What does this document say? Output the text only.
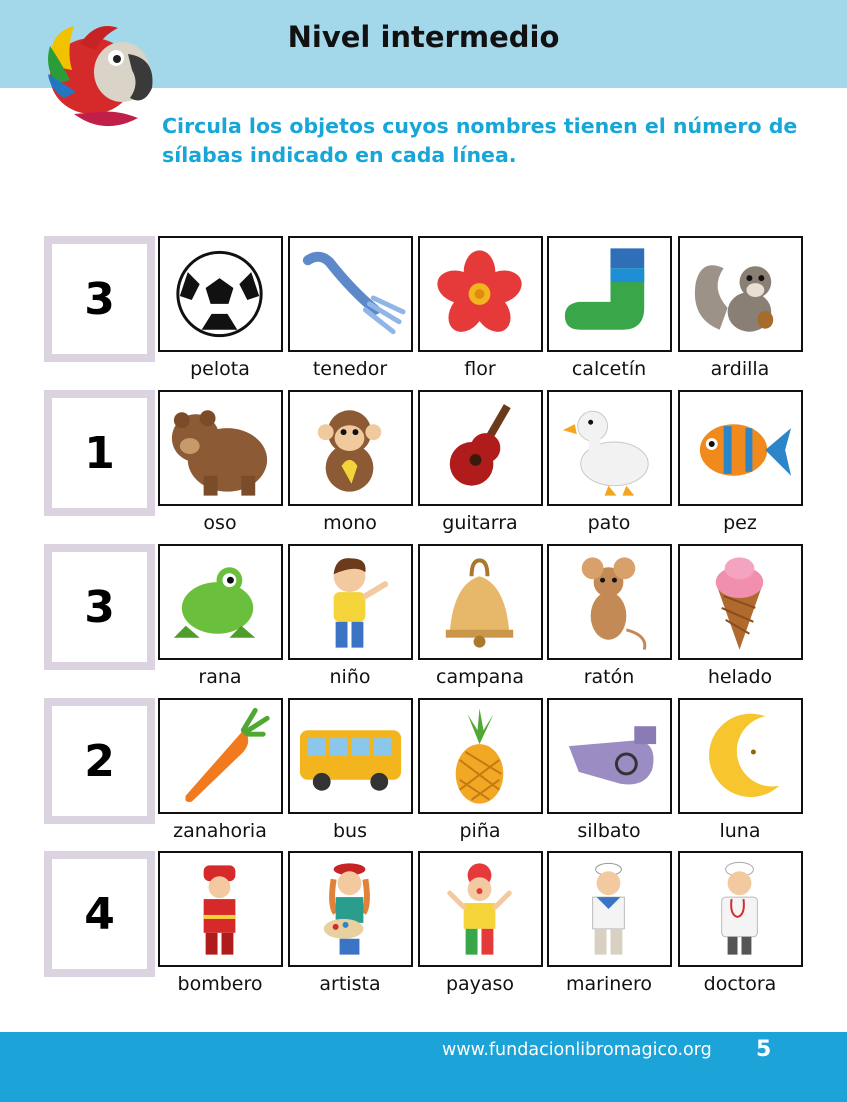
Nivel intermedio
Circula los objetos cuyos nombres tienen el número de sílabas indicado en cada línea.
3
pelota	tenedor	flor	calcetín	ardilla
1
oso	mono	guitarra	pato	pez
3
rana	niño	campana	ratón	helado
2
zanahoria	bus	piña	silbato	luna
4
bombero	artista	payaso	marinero	doctora
www.fundacionlibromagico.org 5
